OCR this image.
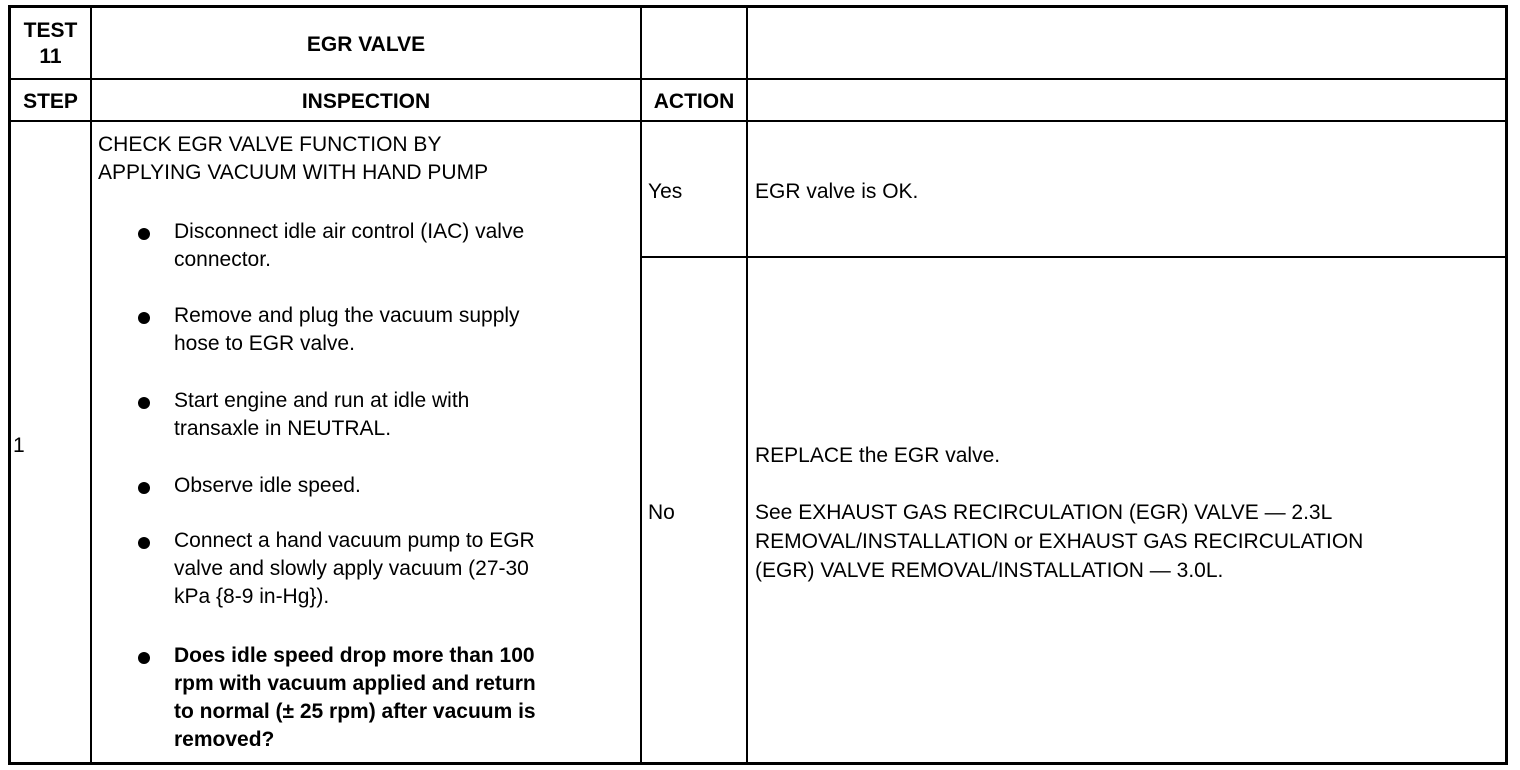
TEST
11
EGR VALVE
STEP	INSPECTION	ACTION
1
CHECK EGR VALVE FUNCTION BY
APPLYING VACUUM WITH HAND PUMP
Disconnect idle air control (IAC) valve
connector.
Remove and plug the vacuum supply
hose to EGR valve.
Start engine and run at idle with
transaxle in NEUTRAL.
Observe idle speed.
Connect a hand vacuum pump to EGR
valve and slowly apply vacuum (27-30
kPa {8-9 in-Hg}).
Does idle speed drop more than 100
rpm with vacuum applied and return
to normal (± 25 rpm) after vacuum is
removed?
Yes
No
EGR valve is OK.
REPLACE the EGR valve.
See EXHAUST GAS RECIRCULATION (EGR) VALVE — 2.3L
REMOVAL/INSTALLATION or EXHAUST GAS RECIRCULATION
(EGR) VALVE REMOVAL/INSTALLATION — 3.0L.
